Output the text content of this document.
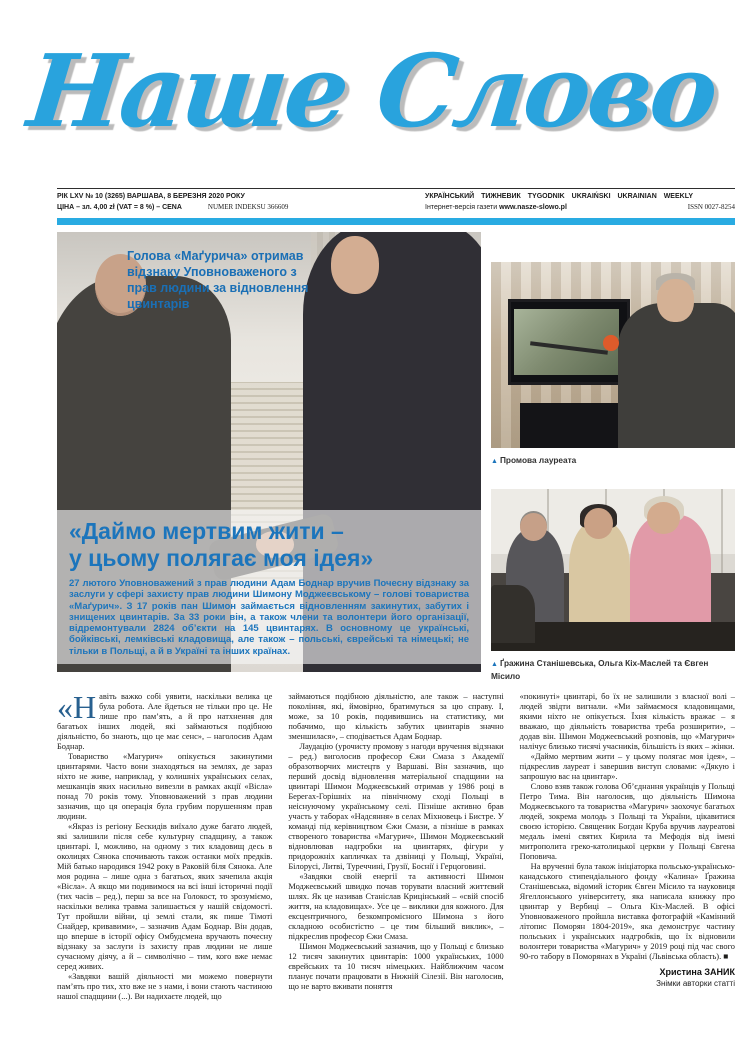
Наше Слово
РІК LXV № 10 (3265) ВАРШАВА, 8 БЕРЕЗНЯ 2020 РОКУ
ЦІНА – зл. 4,00 zł (VAT = 8 %) – CENA	NUMER INDEKSU 366609
УКРАЇНСЬКИЙ ТИЖНЕВИК TYGODNIK UKRAIŃSKI UKRAINIAN WEEKLY
Інтернет-версія газети www.nasze-slowo.pl	ISSN 0027-8254
Голова «Маґурича» отримав відзнаку Уповноваженого з прав людини за відновлення цвинтарів
«Даймо мертвим жити –
у цьому полягає моя ідея»

27 лютого Уповноважений з прав людини Адам Боднар вручив Почесну відзнаку за заслуги у сфері захисту прав людини Шимону Моджеєвському – голові товариства «Маґурич». З 17 років пан Шимон займається відновленням закинутих, забутих і знищених цвинтарів. За 33 роки він, а також члени та волонтери його організації, відремонтували 2824 об’єкти на 145 цвинтарях. В основному це українські, бойківські, лемківські кладовища, але також – польські, єврейські та німецькі; не тільки в Польщі, а й в Україні та інших країнах.

▲ Промова лауреата
▲ Ґражина Станішевська, Ольга Кіх-Маслей та Євген Місило

«Навіть важко собі уявити, наскільки велика це була робота. Але йдеться не тільки про це. Не лише про пам’ять, а й про натхнення для багатьох інших людей, які займаються подібною діяльністю, бо знають, що це має сенс», – наголосив Адам Боднар.

Товариство «Магурич» опікується закинутими цвинтарями. Часто вони знаходяться на землях, де зараз ніхто не живе, наприклад, у колишніх українських селах, мешканців яких насильно вивезли в рамках акції «Вісла» понад 70 років тому. Уповноважений з прав людини зазначив, що ця операція була грубим порушенням прав людини.

«Якраз із регіону Бескидів виїхало дуже багато людей, які залишили після себе культурну спадщину, а також цвинтарі. І, можливо, на одному з тих кладовищ десь в околицях Сянока спочивають також останки моїх предків. Мій батько народився 1942 року в Раковій біля Сянока. Але моя родина – лише одна з багатьох, яких зачепила акція «Вісла». А якщо ми подивимося на всі інші історичні події (тих часів – ред.), перш за все на Голокост, то зрозуміємо, наскільки велика травма залишається у нашій свідомості. Тут пройшли війни, ці землі стали, як пише Тімоті Снайдер, кривавими», – зазначив Адам Боднар. Він додав, що вперше в історії офісу Омбудсмена вручають почесну відзнаку за заслуги із захисту прав людини не лише сучасному діячу, а й – символічно – тим, кого вже немає серед живих.

«Завдяки вашій діяльності ми можемо повернути пам’ять про тих, хто вже не з нами, і вони стають частиною нашої спадщини (...). Ви надихаєте людей, що

займаються подібною діяльністю, але також – наступні покоління, які, ймовірно, братимуться за цю справу. І, може, за 10 років, подивившись на статистику, ми побачимо, що кількість забутих цвинтарів значно зменшилася», – сподівається Адам Боднар.

Лаудацію (урочисту промову з нагоди вручення відзнаки – ред.) виголосив професор Єжи Смаза з Академії образотворчих мистецтв у Варшаві. Він зазначив, що перший досвід відновлення матеріальної спадщини на цвинтарі Шимон Моджеєвський отримав у 1986 році в Берегах-Горішніх на північному сході Польщі в неіснуючому українському селі. Пізніше активно брав участь у таборах «Надсяння» в селах Міхновець і Бистре. У команді під керівництвом Єжи Смази, а пізніше в рамках створеного товариства «Магурич», Шимон Моджеєвський відновлював надгробки на цвинтарях, фігури у придорожніх капличках та дзвіниці у Польщі, Україні, Білорусі, Литві, Туреччині, Грузії, Боснії і Герцоговині.

«Завдяки своїй енергії та активності Шимон Моджеєвський швидко почав торувати власний життєвий шлях. Як це називав Станіслав Крицінський – «свій спосіб життя, на кладовищах». Усе це – виклики для кожного. Для ексцентричного, безкомпромісного Шимона з його складною особистістю – це тим більший виклик», – підкреслив професор Єжи Смаза.

Шимон Моджеєвський зазначив, що у Польщі є близько 12 тисяч закинутих цвинтарів: 1000 українських, 1000 єврейських та 10 тисяч німецьких. Найближчим часом планує почати працювати в Нижній Сілезії. Він наголосив, що не варто вживати поняття

«покинуті» цвинтарі, бо їх не залишили з власної волі – людей звідти вигнали. «Ми займаємося кладовищами, якими ніхто не опікується. Їхня кількість вражає – я вважаю, що діяльність товариства треба розширити», – додав він. Шимон Моджеєвський розповів, що «Магурич» налічує близько тисячі учасників, більшість із яких – жінки.

«Даймо мертвим жити – у цьому полягає моя ідея», – підкреслив лауреат і завершив виступ словами: «Дякую і запрошую вас на цвинтар».

Слово взяв також голова Об’єднання українців у Польщі Петро Тима. Він наголосив, що діяльність Шимона Моджеєвського та товариства «Магурич» заохочує багатьох людей, зокрема молодь з Польщі та України, цікавитися своєю історією. Священик Богдан Круба вручив лауреатові медаль імені святих Кирила та Мефодія від імені митрополита греко-католицької церкви у Польщі Євгена Поповича.

На врученні була також ініціаторка польсько-українсько-канадського стипендіального фонду «Калина» Ґражина Станішевська, відомий історик Євген Місило та науковиця Ягеллонського університету, яка написала книжку про цвинтар у Вербиці – Ольга Кіх-Маслей. В офісі Уповноваженого пройшла виставка фотографій «Камінний літопис Поморян 1804-2019», яка демонструє частину польських і українських надгробків, що їх відновили волонтери товариства «Магурич» у 2019 році під час свого 90-го табору в Поморянах в Україні (Львівська область). ■

Христина ЗАНИК
Знімки авторки статті
